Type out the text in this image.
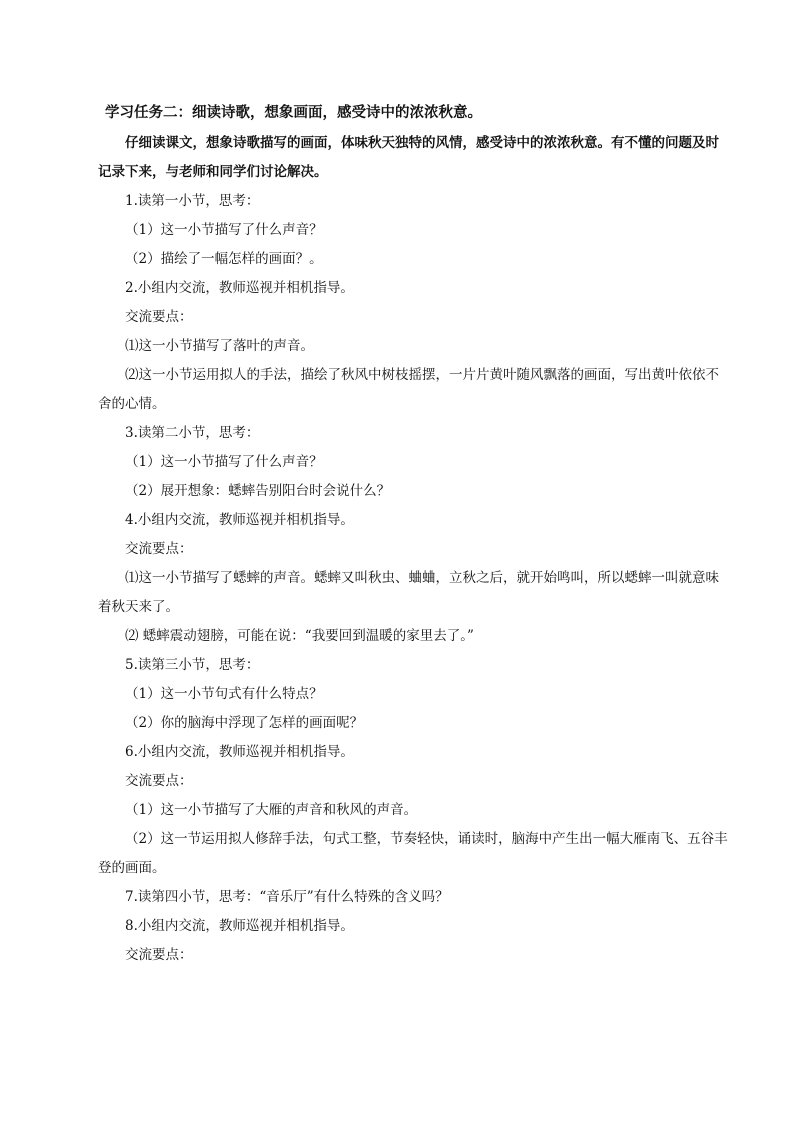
学习任务二：细读诗歌，想象画面，感受诗中的浓浓秋意。
仔细读课文，想象诗歌描写的画面，体味秋天独特的风情，感受诗中的浓浓秋意。有不懂的问题及时记录下来，与老师和同学们讨论解决。
1.读第一小节，思考：
（1）这一小节描写了什么声音？
（2）描绘了一幅怎样的画面？。
2.小组内交流，教师巡视并相机指导。
交流要点：
⑴这一小节描写了落叶的声音。
⑵这一小节运用拟人的手法，描绘了秋风中树枝摇摆，一片片黄叶随风飘落的画面，写出黄叶依依不舍的心情。
3.读第二小节，思考：
（1）这一小节描写了什么声音？
（2）展开想象：蟋蟀告别阳台时会说什么？
4.小组内交流，教师巡视并相机指导。
交流要点：
⑴这一小节描写了蟋蟀的声音。蟋蟀又叫秋虫、蛐蛐，立秋之后，就开始鸣叫，所以蟋蟀一叫就意味着秋天来了。
⑵ 蟋蟀震动翅膀，可能在说：“我要回到温暖的家里去了。”
5.读第三小节，思考：
（1）这一小节句式有什么特点？
（2）你的脑海中浮现了怎样的画面呢？
6.小组内交流，教师巡视并相机指导。
交流要点：
（1）这一小节描写了大雁的声音和秋风的声音。
（2）这一节运用拟人修辞手法，句式工整，节奏轻快，诵读时，脑海中产生出一幅大雁南飞、五谷丰登的画面。
7.读第四小节，思考：“音乐厅”有什么特殊的含义吗？
8.小组内交流，教师巡视并相机指导。
交流要点：
